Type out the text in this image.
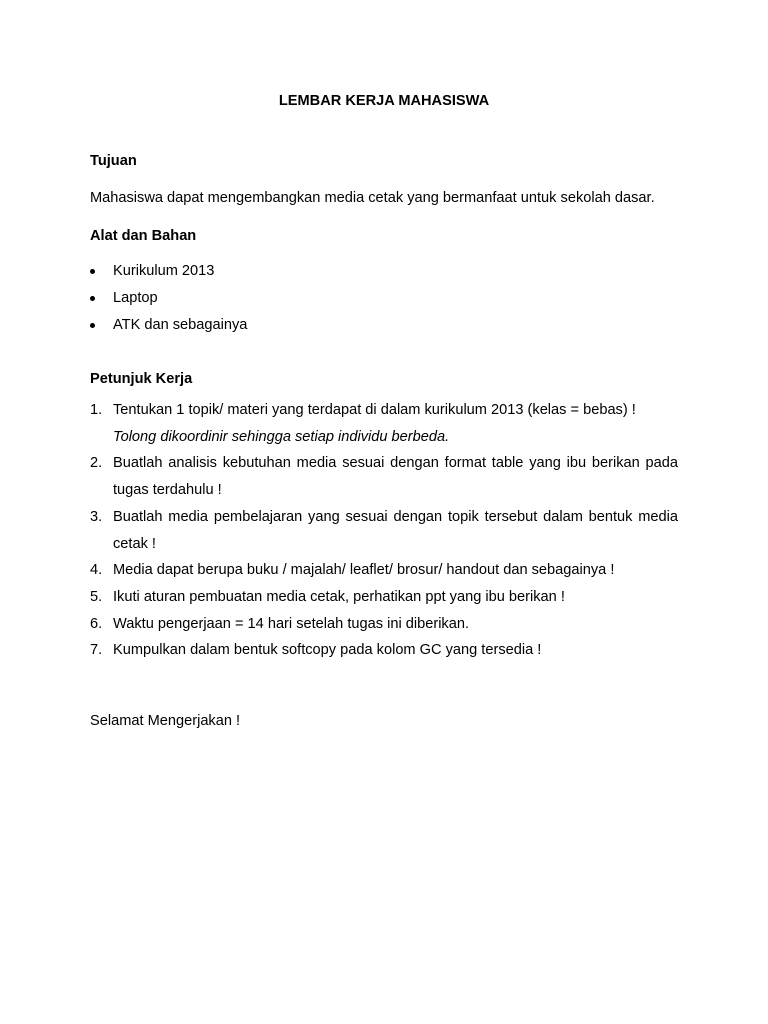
LEMBAR KERJA MAHASISWA
Tujuan

Mahasiswa dapat mengembangkan media cetak yang bermanfaat untuk sekolah dasar.

Alat dan Bahan
Kurikulum 2013
Laptop
ATK dan sebagainya
Petunjuk Kerja
1. Tentukan 1 topik/ materi yang terdapat di dalam kurikulum 2013 (kelas = bebas) !
Tolong dikoordinir sehingga setiap individu berbeda.
2. Buatlah analisis kebutuhan media sesuai dengan format table yang ibu berikan pada tugas terdahulu !
3. Buatlah media pembelajaran yang sesuai dengan topik tersebut dalam bentuk media cetak !
4. Media dapat berupa buku / majalah/ leaflet/ brosur/ handout dan sebagainya !
5. Ikuti aturan pembuatan media cetak, perhatikan ppt yang ibu berikan !
6. Waktu pengerjaan = 14 hari setelah tugas ini diberikan.
7. Kumpulkan dalam bentuk softcopy pada kolom GC yang tersedia !

Selamat Mengerjakan !
